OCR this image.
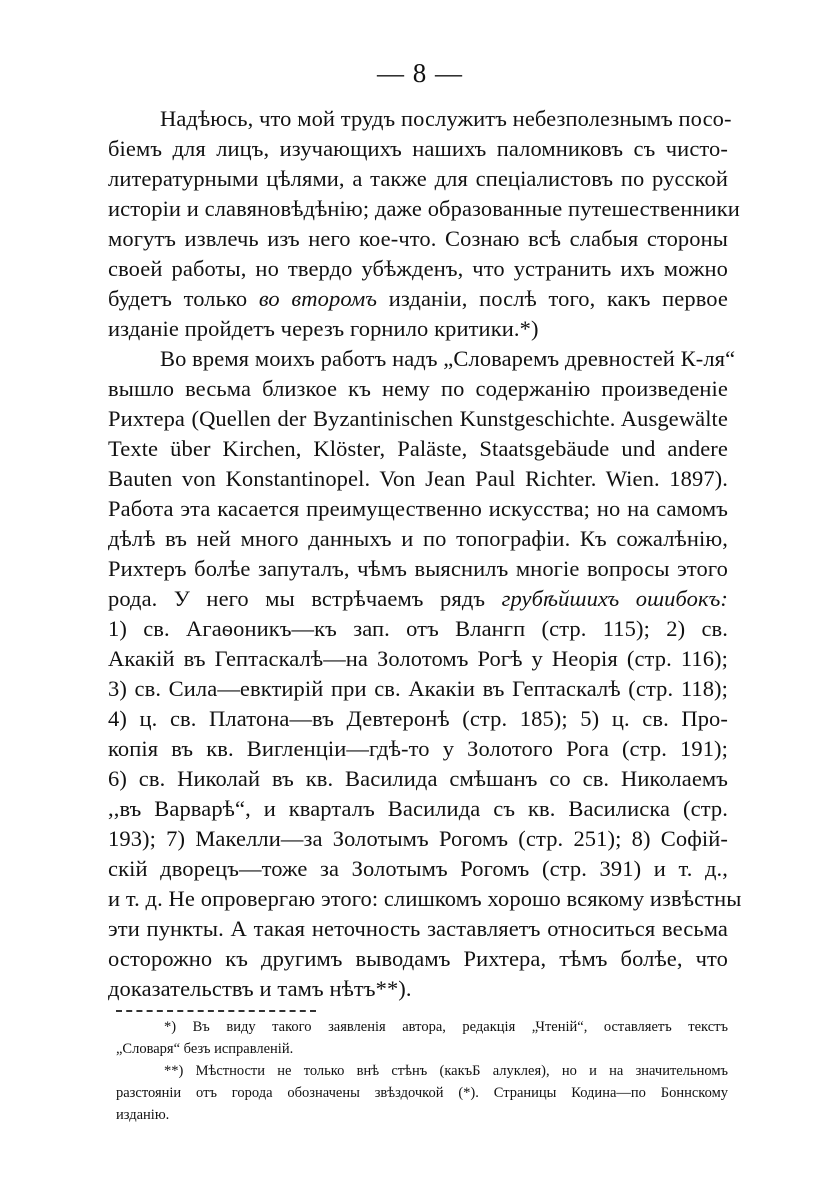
— 8 —
Надѣюсь, что мой трудъ послужитъ небезполезнымъ посо-
біемъ для лицъ, изучающихъ нашихъ паломниковъ съ чисто-
литературными цѣлями, а также для спеціалистовъ по русской
исторіи и славяновѣдѣнію; даже образованные путешественники
могутъ извлечь изъ него кое-что. Сознаю всѣ слабыя стороны
своей работы, но твердо убѣжденъ, что устранить ихъ можно
будетъ только во второмъ изданіи, послѣ того, какъ первое
изданіе пройдетъ черезъ горнило критики.*)
Во время моихъ работъ надъ „Словаремъ древностей К-ля“
вышло весьма близкое къ нему по содержанію произведеніе
Рихтера (Quellen der Byzantinischen Kunstgeschichte. Ausgewälte
Texte über Kirchen, Klöster, Paläste, Staatsgebäude und andere
Bauten von Konstantinopel. Von Jean Paul Richter. Wien. 1897).
Работа эта касается преимущественно искусства; но на самомъ
дѣлѣ въ ней много данныхъ и по топографіи. Къ сожалѣнію,
Рихтеръ болѣе запуталъ, чѣмъ выяснилъ многіе вопросы этого
рода. У него мы встрѣчаемъ рядъ грубѣйшихъ ошибокъ:
1) св. Агаѳоникъ—къ зап. отъ Влангп (стр. 115); 2) св.
Акакій въ Гептаскалѣ—на Золотомъ Рогѣ у Неорія (стр. 116);
3) св. Сила—евктирій при св. Акакіи въ Гептаскалѣ (стр. 118);
4) ц. св. Платона—въ Девтеронѣ (стр. 185); 5) ц. св. Про-
копія въ кв. Вигленціи—гдѣ-то у Золотого Рога (стр. 191);
6) св. Николай въ кв. Василида смѣшанъ со св. Николаемъ
,,въ Варварѣ“, и кварталъ Василида съ кв. Василиска (стр.
193); 7) Макелли—за Золотымъ Рогомъ (стр. 251); 8) Софій-
скій дворецъ—тоже за Золотымъ Рогомъ (стр. 391) и т. д.,
и т. д. Не опровергаю этого: слишкомъ хорошо всякому извѣстны
эти пункты. А такая неточность заставляетъ относиться весьма
осторожно къ другимъ выводамъ Рихтера, тѣмъ болѣе, что
доказательствъ и тамъ нѣтъ**).
*) Въ виду такого заявленія автора, редакція „Чтеній“, оставляетъ текстъ
„Словаря“ безъ исправленій.
**) Мѣстности не только внѣ стѣнъ (какъБ алуклея), но и на значительномъ
разстояніи отъ города обозначены звѣздочкой (*). Страницы Кодина—по Боннскому
изданію.
